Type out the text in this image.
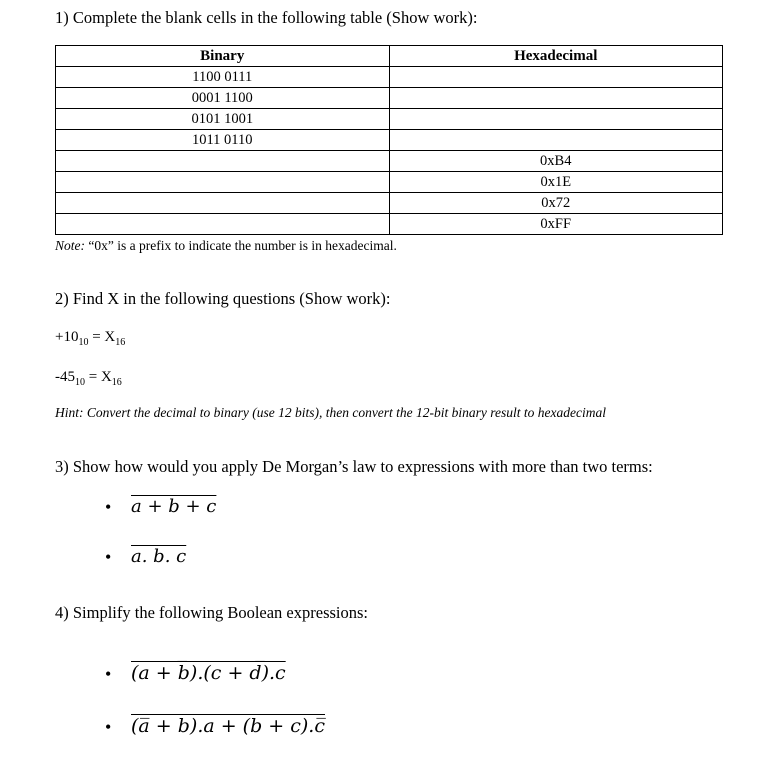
1) Complete the blank cells in the following table (Show work):
Binary	Hexadecimal
1100 0111	
0001 1100	
0101 1001	
1011 0110	
	0xB4
	0x1E
	0x72
	0xFF
Note: “0x” is a prefix to indicate the number is in hexadecimal.
2) Find X in the following questions (Show work):
$+10_{10} = X_{16}$
$-45_{10} = X_{16}$
Hint: Convert the decimal to binary (use 12 bits), then convert the 12-bit binary result to hexadecimal
3) Show how would you apply De Morgan’s law to expressions with more than two terms:
• a + b + c
• a. b. c
4) Simplify the following Boolean expressions:
• (a + b̅).(c + d̅).c
• (a̅ + b).a + (b + c).c̅
